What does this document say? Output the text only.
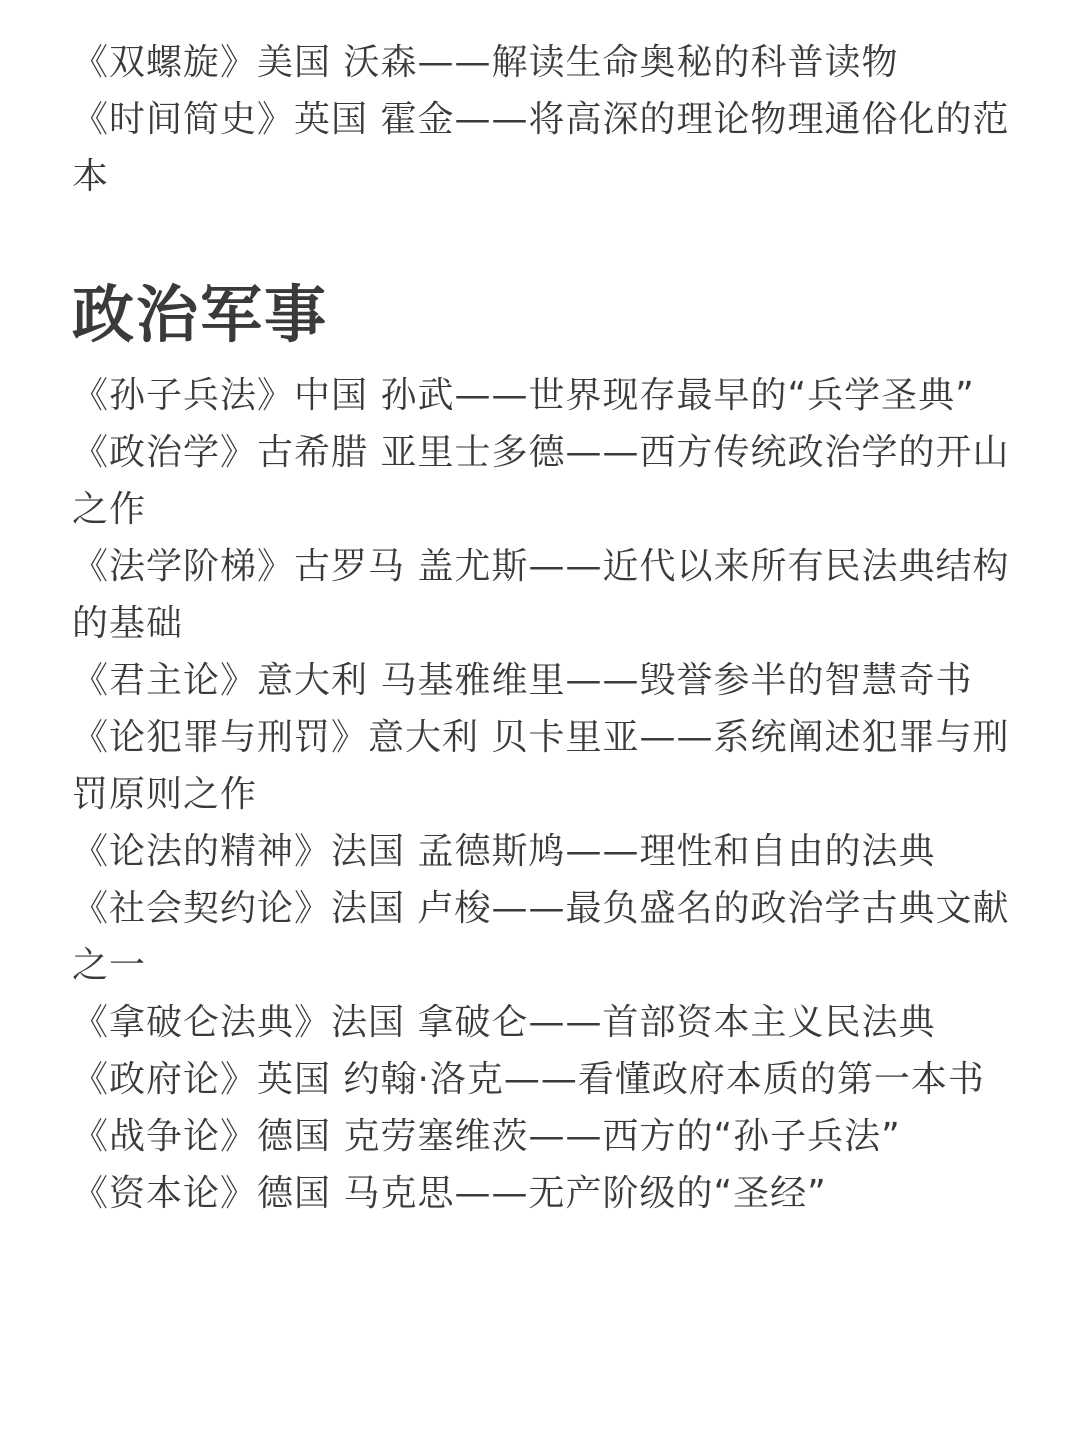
《双螺旋》美国 沃森——解读生命奥秘的科普读物
《时间简史》英国 霍金——将高深的理论物理通俗化的范本
政治军事
《孙子兵法》中国 孙武——世界现存最早的“兵学圣典”
《政治学》古希腊 亚里士多德——西方传统政治学的开山之作
《法学阶梯》古罗马 盖尤斯——近代以来所有民法典结构的基础
《君主论》意大利 马基雅维里——毁誉参半的智慧奇书
《论犯罪与刑罚》意大利 贝卡里亚——系统阐述犯罪与刑罚原则之作
《论法的精神》法国 孟德斯鸠——理性和自由的法典
《社会契约论》法国 卢梭——最负盛名的政治学古典文献之一
《拿破仑法典》法国 拿破仑——首部资本主义民法典
《政府论》英国 约翰·洛克——看懂政府本质的第一本书
《战争论》德国 克劳塞维茨——西方的“孙子兵法”
《资本论》德国 马克思——无产阶级的“圣经”
